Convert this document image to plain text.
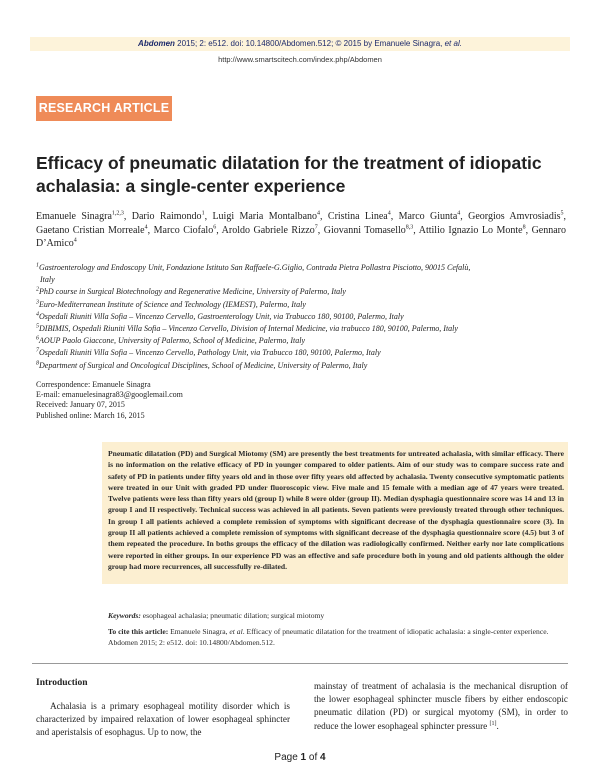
Abdomen 2015; 2: e512. doi: 10.14800/Abdomen.512; © 2015 by Emanuele Sinagra, et al.
http://www.smartscitech.com/index.php/Abdomen
RESEARCH ARTICLE
Efficacy of pneumatic dilatation for the treatment of idiopatic achalasia: a single-center experience
Emanuele Sinagra$^{1,2,3}$, Dario Raimondo$^1$, Luigi Maria Montalbano$^4$, Cristina Linea$^4$, Marco Giunta$^4$, Georgios Amvrosiadis$^5$, Gaetano Cristian Morreale$^4$, Marco Ciofalo$^6$, Aroldo Gabriele Rizzo$^7$, Giovanni Tomasello$^{8,3}$, Attilio Ignazio Lo Monte$^8$, Gennaro D’Amico$^4$
$^1$Gastroenterology and Endoscopy Unit, Fondazione Istituto San Raffaele-G.Giglio, Contrada Pietra Pollastra Pisciotto, 90015 Cefalù,
Italy
$^2$PhD course in Surgical Biotechnology and Regenerative Medicine, University of Palermo, Italy
$^3$Euro-Mediterranean Institute of Science and Technology (IEMEST), Palermo, Italy
$^4$Ospedali Riuniti Villa Sofia – Vincenzo Cervello, Gastroenterology Unit, via Trabucco 180, 90100, Palermo, Italy
$^5$DIBIMIS, Ospedali Riuniti Villa Sofia – Vincenzo Cervello, Division of Internal Medicine, via trabucco 180, 90100, Palermo, Italy
$^6$AOUP Paolo Giaccone, University of Palermo, School of Medicine, Palermo, Italy
$^7$Ospedali Riuniti Villa Sofia – Vincenzo Cervello, Pathology Unit, via Trabucco 180, 90100, Palermo, Italy
$^8$Department of Surgical and Oncological Disciplines, School of Medicine, University of Palermo, Italy
Correspondence: Emanuele Sinagra
E-mail: emanuelesinagra83@googlemail.com
Received: January 07, 2015
Published online: March 16, 2015
Pneumatic dilatation (PD) and Surgical Miotomy (SM) are presently the best treatments for untreated achalasia, with similar efficacy. There is no information on the relative efficacy of PD in younger compared to older patients. Aim of our study was to compare success rate and safety of PD in patients under fifty years old and in those over fifty years old affected by achalasia. Twenty consecutive symptomatic patients were treated in our Unit with graded PD under fluoroscopic view. Five male and 15 female with a median age of 47 years were treated. Twelve patients were less than fifty years old (group I) while 8 were older (group II). Median dysphagia questionnaire score was 14 and 13 in group I and II respectively. Technical success was achieved in all patients. Seven patients were previously treated through other techniques. In group I all patients achieved a complete remission of symptoms with significant decrease of the dysphagia questionnaire score (3). In group II all patients achieved a complete remission of symptoms with significant decrease of the dysphagia questionnaire score (4.5) but 3 of them repeated the procedure. In boths groups the efficacy of the dilation was radiologically confirmed. Neither early nor late complications were reported in either groups. In our experience PD was an effective and safe procedure both in young and old patients although the older group had more recurrences, all successfully re-dilated.
Keywords: esophageal achalasia; pneumatic dilation; surgical miotomy
To cite this article: Emanuele Sinagra, et al. Efficacy of pneumatic dilatation for the treatment of idiopatic achalasia: a single-center experience. Abdomen 2015; 2: e512. doi: 10.14800/Abdomen.512.
Introduction
Achalasia is a primary esophageal motility disorder which is characterized by impaired relaxation of lower esophageal sphincter and aperistalsis of esophagus. Up to now, the
mainstay of treatment of achalasia is the mechanical disruption of the lower esophageal sphincter muscle fibers by either endoscopic pneumatic dilation (PD) or surgical myotomy (SM), in order to reduce the lower esophageal sphincter pressure [1].
Page 1 of 4
